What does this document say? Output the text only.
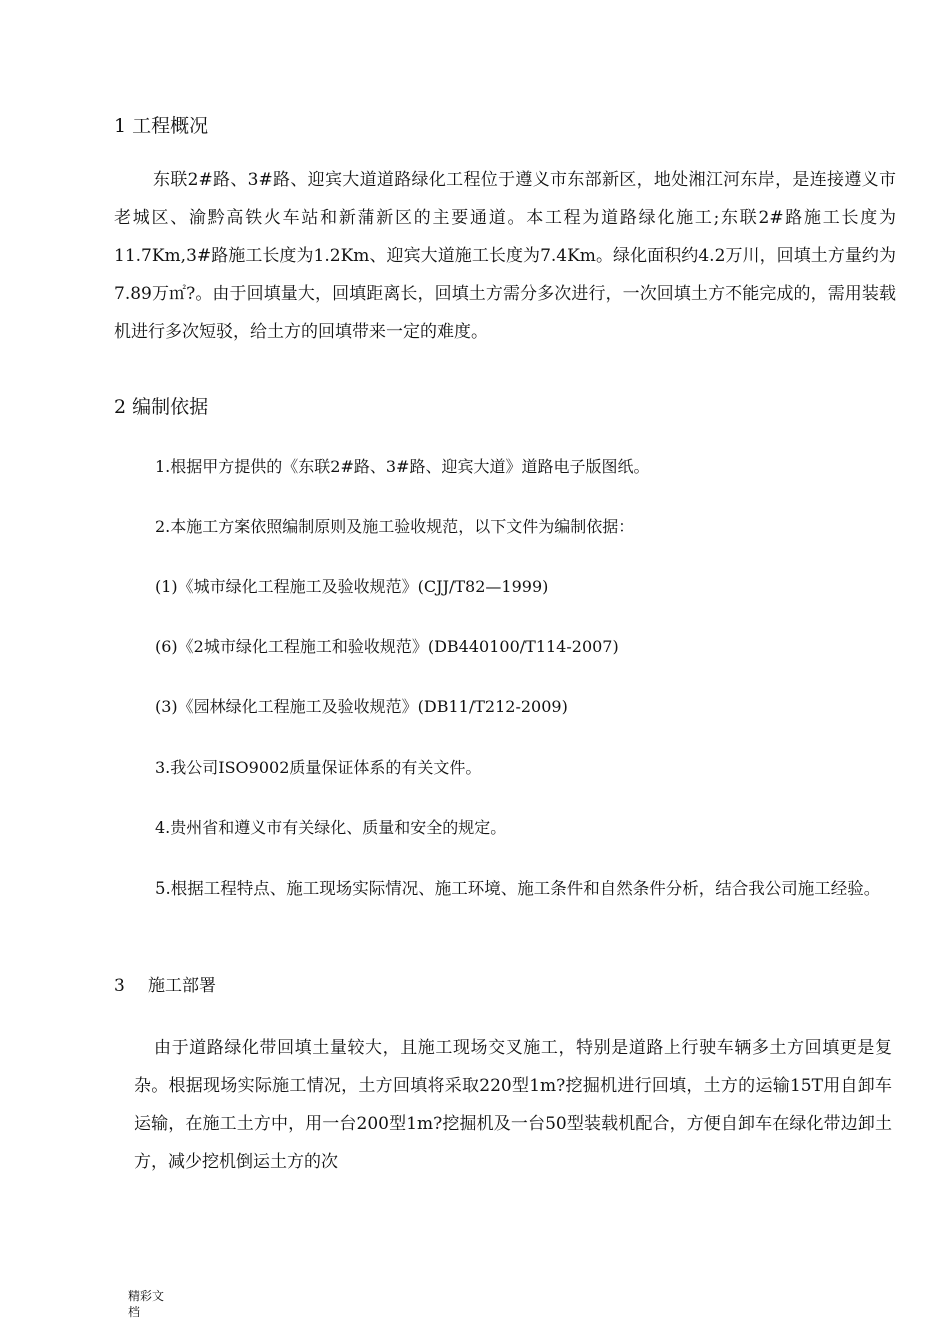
1 工程概况
东联2#路、3#路、迎宾大道道路绿化工程位于遵义市东部新区，地处湘江河东岸，是连接遵义市老城区、渝黔高铁火车站和新蒲新区的主要通道。本工程为道路绿化施工;东联2#路施工长度为11.7Km,3#路施工长度为1.2Km、迎宾大道施工长度为7.4Km。绿化面积约4.2万川，回填土方量约为7.89万㎡?。由于回填量大，回填距离长，回填土方需分多次进行，一次回填土方不能完成的，需用装载机进行多次短驳，给土方的回填带来一定的难度。
2 编制依据
1.根据甲方提供的《东联2#路、3#路、迎宾大道》道路电子版图纸。
2.本施工方案依照编制原则及施工验收规范，以下文件为编制依据：
(1)《城市绿化工程施工及验收规范》(CJJ/T82—1999)
(6)《2城市绿化工程施工和验收规范》(DB440100/T114-2007)
(3)《园林绿化工程施工及验收规范》(DB11/T212-2009)
3.我公司ISO9002质量保证体系的有关文件。
4.贵州省和遵义市有关绿化、质量和安全的规定。
5.根据工程特点、施工现场实际情况、施工环境、施工条件和自然条件分析，结合我公司施工经验。
3 施工部署
由于道路绿化带回填土量较大，且施工现场交叉施工，特别是道路上行驶车辆多土方回填更是复杂。根据现场实际施工情况，土方回填将采取220型1m?挖掘机进行回填，土方的运输15T用自卸车运输，在施工土方中，用一台200型1m?挖掘机及一台50型装载机配合，方便自卸车在绿化带边卸土方，减少挖机倒运土方的次
精彩文档
